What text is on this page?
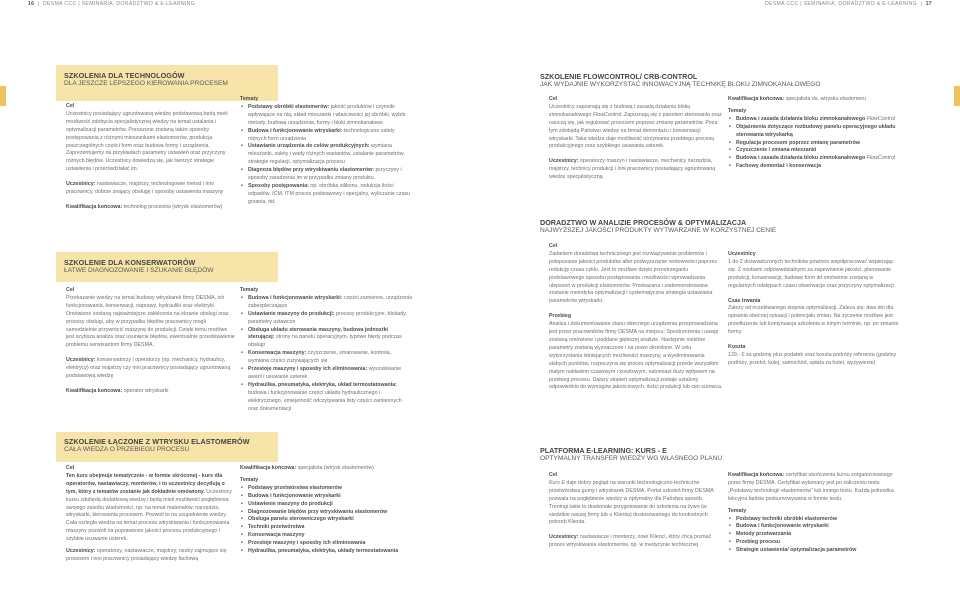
16  |  DESMA CCC | SEMINARIA, DORADZTWO & E-LEARNING	DESMA CCC | SEMINARIA, DORADZTWO & E-LEARNING  |  17
SZKOLENIA DLA TECHNOLOGÓW
DLA JESZCZE LEPSZEGO KIEROWANIA PROCESEM
Cel
Uczestnicy posiadający ugruntowaną wiedzę podstawową będą mieli możliwość zdobycia specjalistycznej wiedzy na temat ustalania i optymalizacji parametrów. Poruszone zostaną także sposoby postępowania z różnymi mieszankami elastomerów, produkcja poszczególnych części form oraz budowa formy i urządzenia. Zaprezentujemy na przykładach parametry ustawień oraz przyczyny różnych błędów. Uczestnicy dowiedzą się, jak tworzyć strategie ustawienia i przeciwdziałać im.
Uczestnicy: nastawiacze, majstrzy, technologowie metod i inni pracownicy, dobrze znający obsługę i sposoby ustawienia maszyny
Kwalifikacja końcowa: technolog procesów (wtrysk elastomerów)
Tematy
• Podstawy obróbki elastomerów: jakość produktów i czynniki wpływające na nią, skład mieszanki i właściwości jej obróbki, wybór metody, budowa urządzenia, formy i bloki zimnokanałowe
• Budowa i funkcjonowanie wtryskarki: technologiczne zalety różnych form urządzenia
• Ustawianie urządzenia do celów produkcyjnych: wymiana mieszanki, zalety i wady różnych wariantów, ustalanie parametrów, strategie regulacji, optymalizacja procesu
• Diagnoza błędów przy wtryskiwaniu elastomerów: przyczyny i sposoby zaradzenia im w przypadku zmiany produktu
• Sposoby postępowania: np. obróbka silikonu, redukcja ilości odpadów, ICM, ITM proces podstawowy i specjalny, wyliczanie czasu grzania, itd.
SZKOLENIE DLA KONSERWATORÓW
ŁATWE DIAGNOZOWANIE I SZUKANIE BŁĘDÓW
Cel
Przekazanie wiedzy na temat budowy wtryskarek firmy DESMA, ich funkcjonowania, konserwacji, naprawy, hydrauliki oraz elektryki. Omówione zostaną najważniejsze zakłócenia na ekranie obsługi oraz procesy obsługi, aby w przypadku błędów pracownicy mogli samodzielnie przywrócić maszynę do produkcji. Dzięki temu możliwe jest szybsza analiza oraz usunięcie błędów, ewentualnie przedstawienie problemu serwisantom firmy DESMA.
Uczestnicy: konserwatorzy i operatorzy (np. mechanicy, hydraulicy, elektrycy) oraz majstrzy czy inni pracownicy posiadający ugruntowaną podstawową wiedzę
Kwalifikacja końcowa: operator wtryskarki
Tematy
• Budowa i funkcjonowanie wtryskarki: części zamienne, urządzenia zabezpieczające
• Ustawianie maszyny do produkcji: procesy produkcyjne, blokady, parametry ustawcze
• Obsługa układu sterowania maszyny, budowa jednostki sterującej: strony na panelu operacyjnym, typowe błędy podczas obsługi
• Konserwacja maszyny: czyszczenie, smarowanie, kontrola, wymiana części zużywających się
• Przestoje maszyny i sposoby ich eliminowania: wyszukiwanie awarii i usuwanie usterek
• Hydraulika, pneumatyka, elektryka, układ termostatowania: budowa i funkcjonowanie części układu hydraulicznego i elektrycznego, umiejętność odczytywania listy części zamiennych oraz dokumentacji
SZKOLENIE ŁĄCZONE Z WTRYSKU ELASTOMERÓW
CAŁA WIEDZA O PRZEBIEGU PROCESU
Cel
Ten kurs obejmuje tematycznie - w formie skróconej - kurs dla operatorów, nastawiaczy, monterów, i to uczestnicy decydują o tym, który z tematów zostanie jak dokładnie omówiony. Uczestnicy kursu zdobędą dodatkową wiedzę i będą mieli możliwość pogłębienia swojego zasobu wiadomości, np. na temat materiałów, narzędzia, wtryskarki, kierowania procesem. Pozwoli to na uzupełnienie wiedzy. Cała rozległa wiedza na temat procesu wtryskiwania i funkcjonowania maszyny pozwoli na poprawienie jakości procesu produkcyjnego i szybkie usuwanie usterek.
Uczestnicy: operatorzy, nastawiacze, majstrzy, osoby zajmujące się procesem i inni pracownicy posiadający wiedzę fachową
Kwalifikacja końcowa: specjalista (wtrysk elastomerów)
Tematy
• Podstawy przetwórstwa elastomerów
• Budowa i funkcjonowanie wtryskarki
• Ustawienie maszyny do produkcji
• Diagnozowanie błędów przy wtryskiwaniu elastomerów
• Obsługa panelu sterowniczego wtryskarki
• Techniki przetwórstwa
• Konserwacja maszyny
• Przestoje maszyny i sposoby ich eliminowania
• Hydraulika, pneumatyka, elektryka, układy termostatowania
SZKOLENIE FLOWCONTROL/ CRB-CONTROL
JAK WYDAJNIE WYKORZYSTAĆ INNOWACYJNĄ TECHNIKĘ BLOKU ZIMNOKANAŁOWEGO
Cel
Uczestnicy zapoznają się z budową i zasadą działania bloku zimnokanałowego FlowControl. Zapoznają się z panelem sterowania oraz nauczą się, jak regulować procesem poprzez zmianę parametrów. Poza tym zdobędą Państwo wiedzę na temat demontażu i konserwacji wtryskarki. Taka wiedza daje możliwość utrzymania przebiegu procesu produkcyjnego oraz szybkiego usuwania usterek.
Uczestnicy: operatorzy maszyn i nastawiacze, mechanicy narzędzia, majstrzy, technicy produkcji i inni pracownicy posiadający ugruntowaną wiedzę specjalistyczną
Kwalifikacja końcowa: specjalista ds. wtrysku elastomeru
Tematy
• Budowa i zasada działania bloku zimnokanałowego FlowControl
• Objaśnienia dotyczące rozbudowy panelu operacyjnego układu sterowania wtryskarką
• Regulacja procesem poprzez zmianę parametrów
• Czyszczenie / zmiana mieszanki
• Budowa i zasada działania bloku zimnokanałowego FlowControl
• Fachowy demontaż i konserwacja
DORADZTWO W ANALIZIE PROCESÓW & OPTYMALIZACJA
NAJWYŻSZEJ JAKOŚCI PRODUKTY WYTWARZANE W KORZYSTNEJ CENIE
Cel
Zadaniem doradztwa technicznego jest rozwiązywanie problemów i polepszanie jakości produktów albo podwyższanie rentowności poprzez redukcję czasu cyklu. Jest to możliwe dzięki przestrzeganiu podstawowego sposobu postępowania i możliwości wprowadzania ulepszeń w produkcji elastomerów. Przekazana i zademonstrowana zostanie metodyka optymalizacji i systematyczna strategia ustawiania parametrów wtryskarki.
Przebieg
Analiza i dokumentowanie stanu obecnego urządzenia przeprowadzana jest przez pracowników firmy DESMA na miejscu. Spostrzeżenia i uwagi zostaną omówione i poddane głębszej analizie. Następnie niektóre parametry zostaną wyznaczone i na nowo określone. W celu wykorzystania istniejących możliwości maszyny, a wyeliminowania słabych punktów, rozpoczyna się proces optymalizacji przede wszystkim małym nakładem czasowym i kosztowym, natomiast duży wpływem na przebieg procesu. Dalszy stopień optymalizacji zostaje ustalony odpowiednio do wymogów jakościowych, ilości produkcji lub cen surowca.
Uczestnicy
1 do 2 doświadczonych techników powinno współpracować wspierając się. Z osobami odpowiedzialnymi za zapewnienie jakości, planowanie produkcji, konserwację, budowę form itd omówione zostaną w regularnych odstępach czasu obserwacje oraz przyczyny optymalizacji
Czas trwania
Zależy od oczekiwanego stopnia optymalizacji. Zaleca się: dwa dni dla opisania obecnej sytuacji i potencjału zmian. Na życzenie możliwe jest przedłużenie lub kontynuacja szkolenia w innym terminie, np. po zmianie formy.
Koszta
129,- € za godzinę plus podatek oraz koszta podróży referenta (godziny podróży, przelot, kolej, samochód, opłata za hotel, wyżywienie)
PLATFORMA E-LEARNING: KURS - E
OPTYMALNY TRANSFER WIEDZY WG WŁASNEGO PLANU
Cel
Kurs E daje dobry pogląd na warunki technologiczno-techniczne przetwórstwa gumy i wtryskarek DESMA. Portal szkoleń firmy DESMA pozwala na pogłębienie wiedzy w optymalny dla Państwa sposób. Treningi takie to doskonałe przygotowanie do szkolenia na żywo (w siedzibie naszej firmy lub u Klienta) dostosowanego do konkretnych potrzeb Klienta.
Uczestnicy: nastawiacze i monterzy, nowi Klienci, który chcą poznać proces wtryskiwania elastomerów, np. w medycynie technicznej
Kwalifikacja końcowa: certyfikat ukończenia kursu zorganizowanego przez firmę DESMA. Certyfikat wykonany jest po zaliczeniu testu „Podstawy technologii elastomerów“ lub innego testu. Każda jednostka lekcyjna będzie podsumowywana w formie testu.
Tematy
• Podstawy techniki obróbki elastomerów
• Budowa i funkcjonowanie wtryskarki
• Metody przetwarzania
• Przebieg procesu
• Strategie ustawienia/ optymalizacja parametrów
